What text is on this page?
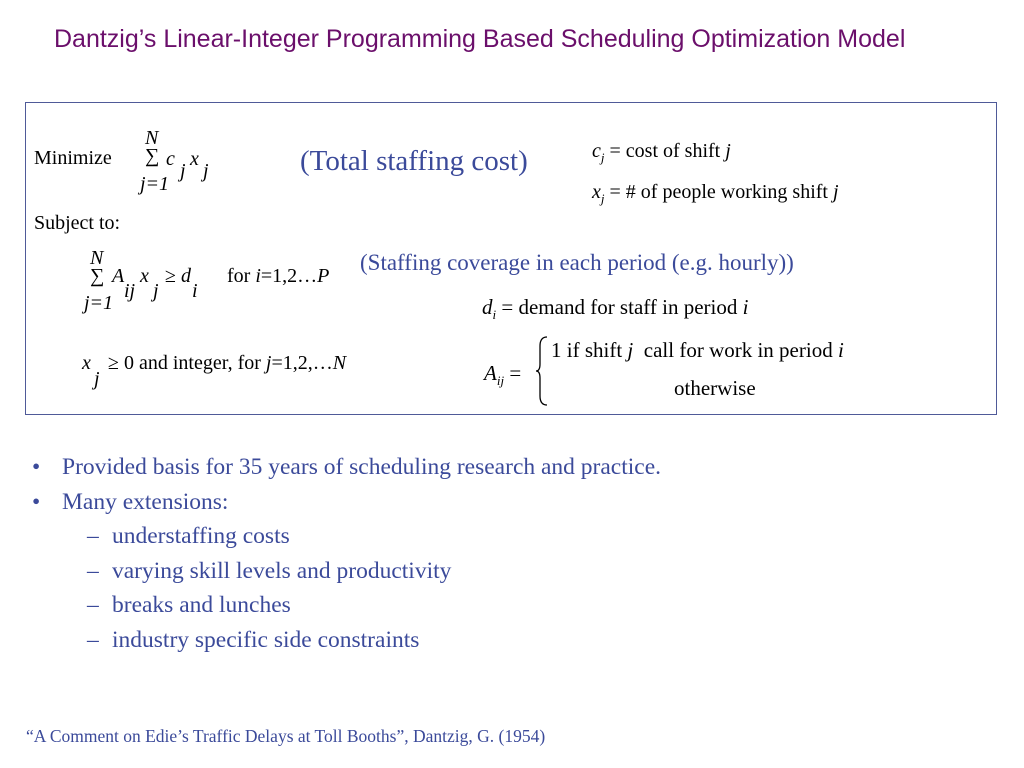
Dantzig’s Linear-Integer Programming Based Scheduling Optimization Model
Minimize
N
∑
j=1
c
j
x
j	(Total staffing cost)	$c_j = \cos t$ of shift j
$x_j$ = # of people working shift j
Subject to:
N
∑
j=1
A
ij
x
j
≥ d
i
for i=1,2…P
(Staffing coverage in each period (e.g. hourly))
$d_i$ = demand for staff in period i
x
j
≥ 0 and integer, for j=1,2,…N	$A_{ij}$ =
1 if shift j call for work in period i
otherwise
• Provided basis for 35 years of scheduling research and practice.
• Many extensions:
– understaffing costs
– varying skill levels and productivity
– breaks and lunches
– industry specific side constraints
“A Comment on Edie’s Traffic Delays at Toll Booths”, Dantzig, G. (1954)
